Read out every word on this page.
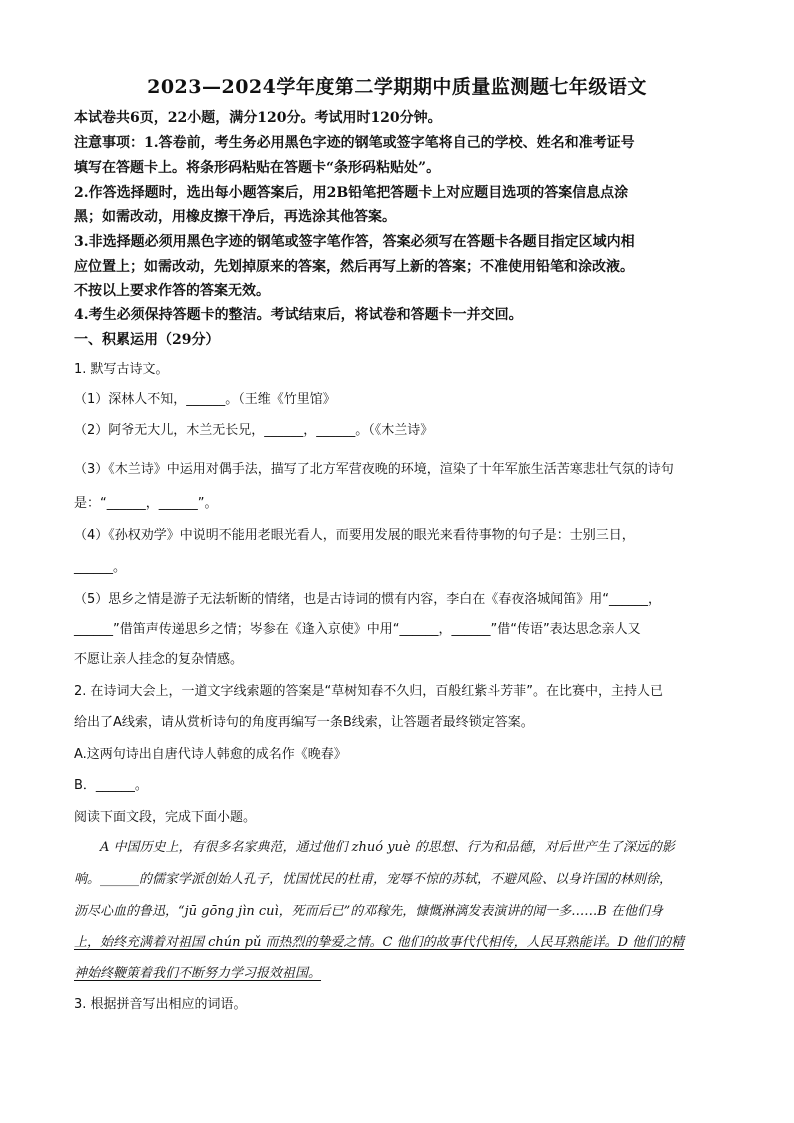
2023—2024学年度第二学期期中质量监测题七年级语文
本试卷共6页，22小题，满分120分。考试用时120分钟。
注意事项：1.答卷前，考生务必用黑色字迹的钢笔或签字笔将自己的学校、姓名和准考证号
填写在答题卡上。将条形码粘贴在答题卡“条形码粘贴处”。
2.作答选择题时，选出每小题答案后，用2B铅笔把答题卡上对应题目选项的答案信息点涂
黑；如需改动，用橡皮擦干净后，再选涂其他答案。
3.非选择题必须用黑色字迹的钢笔或签字笔作答，答案必须写在答题卡各题目指定区域内相
应位置上；如需改动，先划掉原来的答案，然后再写上新的答案；不准使用铅笔和涂改液。
不按以上要求作答的答案无效。
4.考生必须保持答题卡的整洁。考试结束后，将试卷和答题卡一并交回。
一、积累运用（29分）
1. 默写古诗文。
（1）深林人不知，______。（王维《竹里馆》
（2）阿爷无大儿，木兰无长兄，______，______。（《木兰诗》
（3）《木兰诗》中运用对偶手法，描写了北方军营夜晚的环境，渲染了十年军旅生活苦寒悲壮气氛的诗句
是：“______，______”。
（4）《孙权劝学》中说明不能用老眼光看人，而要用发展的眼光来看待事物的句子是：士别三日，
______。
（5）思乡之情是游子无法斩断的情绪，也是古诗词的惯有内容，李白在《春夜洛城闻笛》用“______，
______”借笛声传递思乡之情；岑参在《逢入京使》中用“______，______”借“传语”表达思念亲人又
不愿让亲人挂念的复杂情感。
2. 在诗词大会上，一道文字线索题的答案是“草树知春不久归，百般红紫斗芳菲”。在比赛中，主持人已
给出了A线索，请从赏析诗句的角度再编写一条B线索，让答题者最终锁定答案。
A.这两句诗出自唐代诗人韩愈的成名作《晚春》
B．______。
阅读下面文段，完成下面小题。
A 中国历史上，有很多名家典范，通过他们 zhuó yuè 的思想、行为和品德，对后世产生了深远的影
响。______的儒家学派创始人孔子，忧国忧民的杜甫，宠辱不惊的苏轼，不避风险、以身许国的林则徐，
沥尽心血的鲁迅，“jū gōng jìn cuì，死而后已”的邓稼先，慷慨淋漓发表演讲的闻一多……B 在他们身
上，始终充满着对祖国 chún pǔ 而热烈的挚爱之情。C 他们的故事代代相传，人民耳熟能详。D 他们的精
神始终鞭策着我们不断努力学习报效祖国。
3. 根据拼音写出相应的词语。
